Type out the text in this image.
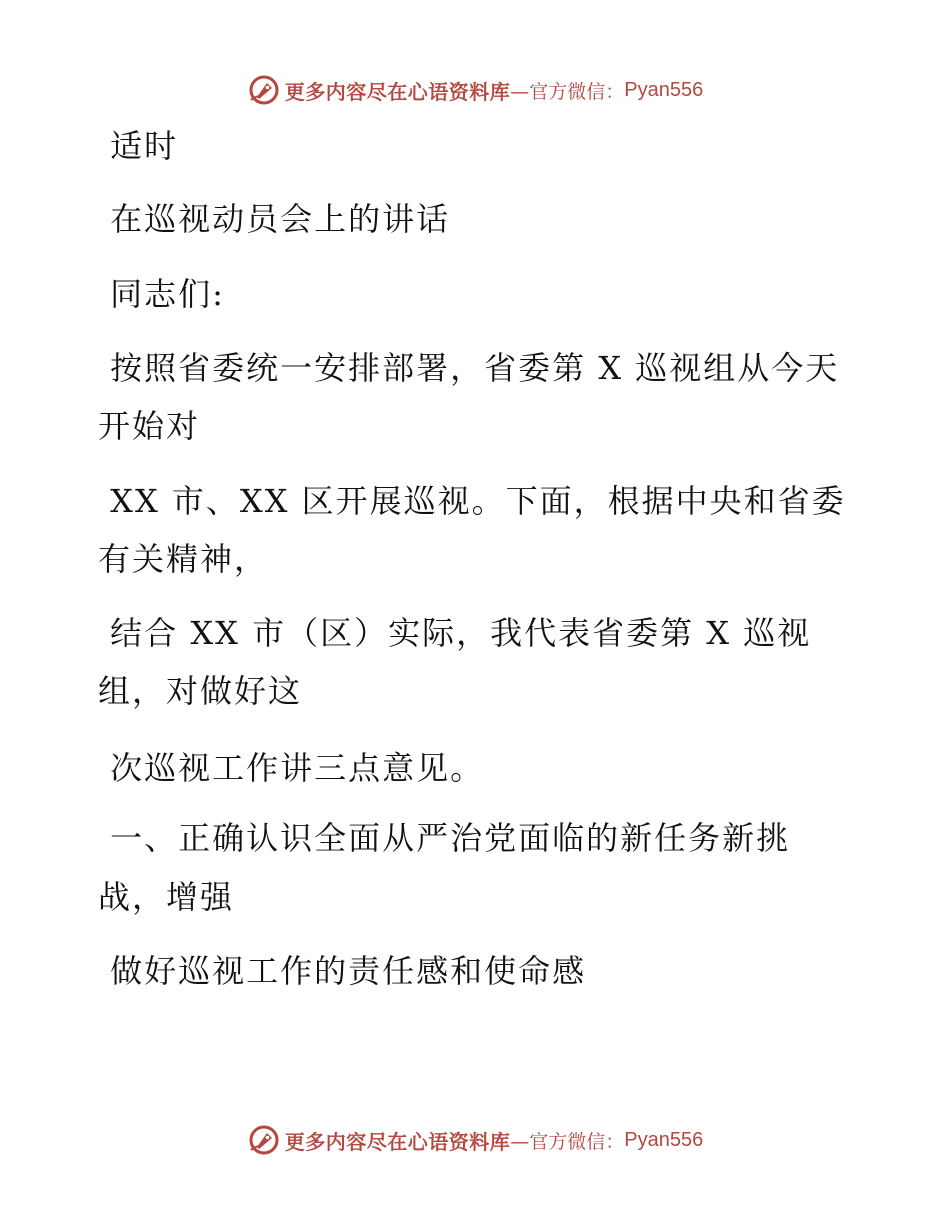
更多内容尽在心语资料库 —官方微信： Pyan556
适时
在巡视动员会上的讲话
同志们:
按照省委统一安排部署，省委第 X 巡视组从今天
开始对
XX 市、XX 区开展巡视。下面，根据中央和省委
有关精神，
结合 XX 市（区）实际，我代表省委第 X 巡视
组，对做好这
次巡视工作讲三点意见。
一、正确认识全面从严治党面临的新任务新挑
战，增强
做好巡视工作的责任感和使命感
更多内容尽在心语资料库 —官方微信： Pyan556
